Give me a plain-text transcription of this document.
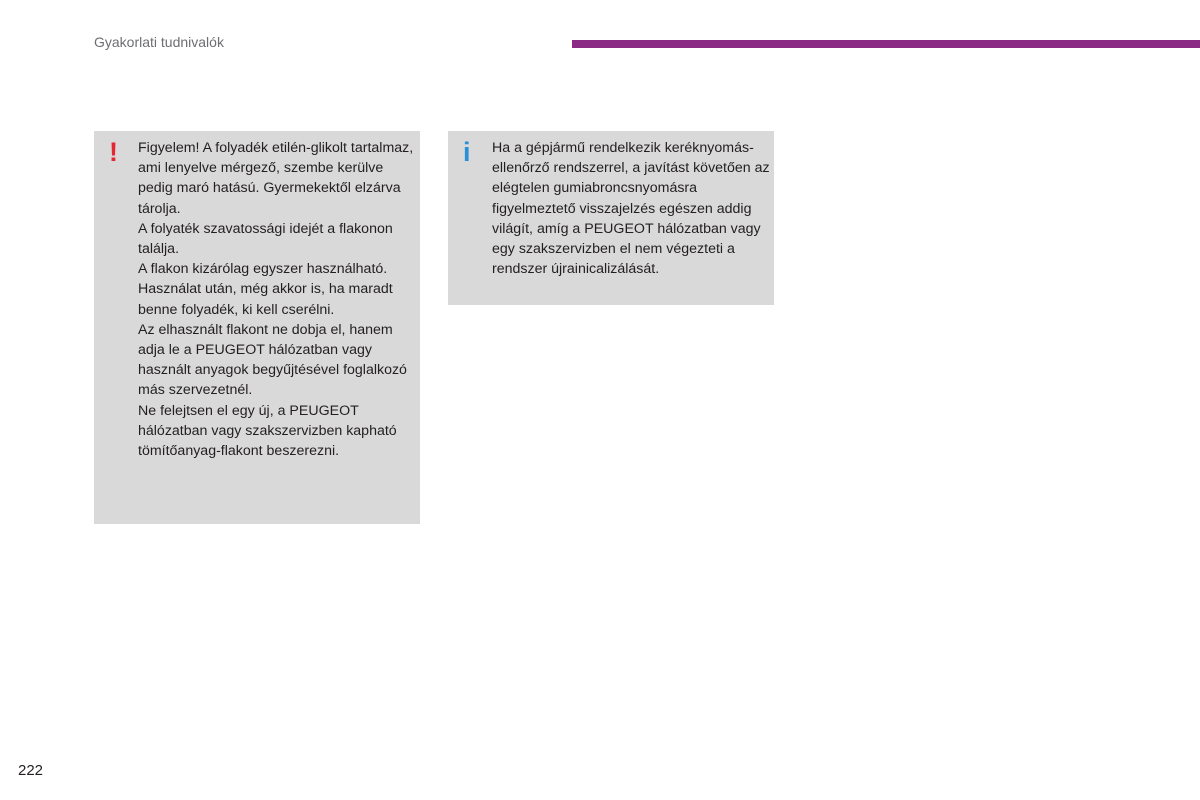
Gyakorlati tudnivalók
! Figyelem! A folyadék etilén-glikolt tartalmaz, ami lenyelve mérgező, szembe kerülve pedig maró hatású. Gyermekektől elzárva tárolja.

A folyaték szavatossági idejét a flakonon találja.

A flakon kizárólag egyszer használható. Használat után, még akkor is, ha maradt benne folyadék, ki kell cserélni.

Az elhasznált flakont ne dobja el, hanem adja le a PEUGEOT hálózatban vagy használt anyagok begyűjtésével foglalkozó más szervezetnél.

Ne felejtsen el egy új, a PEUGEOT hálózatban vagy szakszervizben kapható tömítőanyag-flakont beszerezni.

i Ha a gépjármű rendelkezik keréknyomás-ellenőrző rendszerrel, a javítást követően az elégtelen gumiabroncsnyomásra figyelmeztető visszajelzés egészen addig világít, amíg a PEUGEOT hálózatban vagy egy szakszervizben el nem végezteti a rendszer újrainicalizálását.

222
